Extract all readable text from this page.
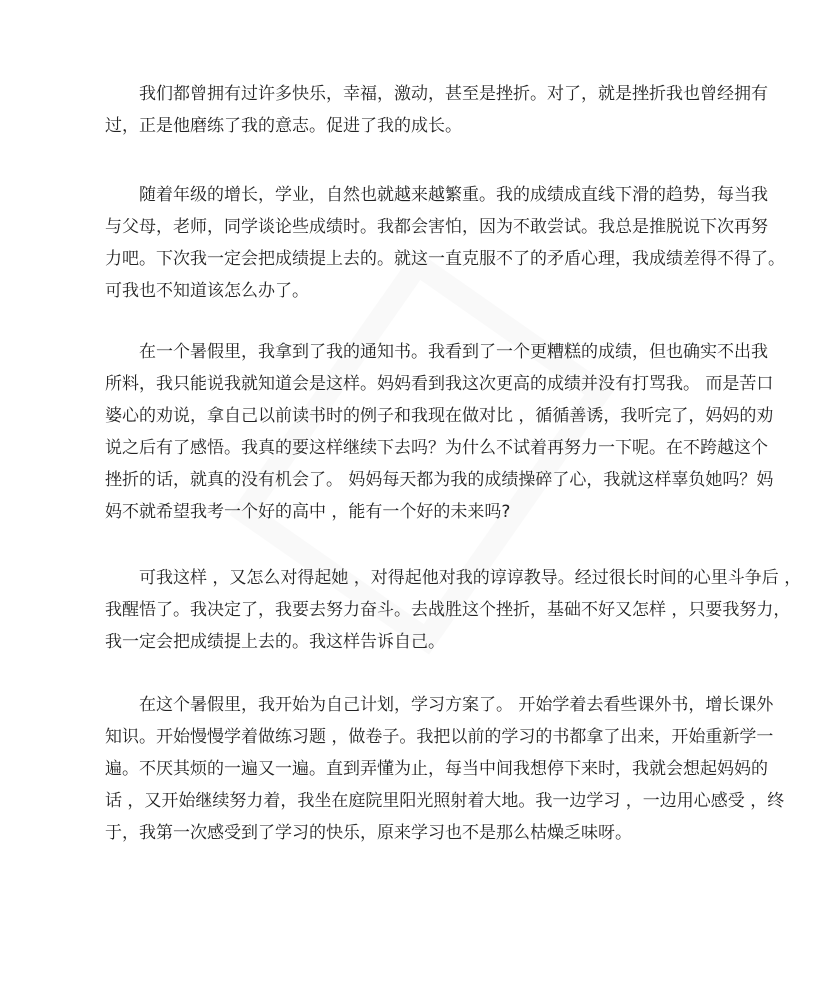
我们都曾拥有过许多快乐，幸福，激动，甚至是挫折。对了，就是挫折我也曾经拥有
过，正是他磨练了我的意志。促进了我的成长。
随着年级的增长，学业，自然也就越来越繁重。我的成绩成直线下滑的趋势，每当我
与父母，老师，同学谈论些成绩时。我都会害怕，因为不敢尝试。我总是推脱说下次再努
力吧。下次我一定会把成绩提上去的。就这一直克服不了的矛盾心理，我成绩差得不得了。
可我也不知道该怎么办了。
在一个暑假里，我拿到了我的通知书。我看到了一个更糟糕的成绩，但也确实不出我
所料，我只能说我就知道会是这样。妈妈看到我这次更高的成绩并没有打骂我。 而是苦口
婆心的劝说，拿自己以前读书时的例子和我现在做对比 ，循循善诱，我听完了，妈妈的劝
说之后有了感悟。我真的要这样继续下去吗？为什么不试着再努力一下呢。在不跨越这个
挫折的话，就真的没有机会了。 妈妈每天都为我的成绩操碎了心，我就这样辜负她吗？妈
妈不就希望我考一个好的高中 ，能有一个好的未来吗?
可我这样 ，又怎么对得起她 ，对得起他对我的谆谆教导。经过很长时间的心里斗争后 ，
我醒悟了。我决定了，我要去努力奋斗。去战胜这个挫折，基础不好又怎样 ，只要我努力，
我一定会把成绩提上去的。我这样告诉自己。
在这个暑假里，我开始为自己计划，学习方案了。 开始学着去看些课外书，增长课外
知识。开始慢慢学着做练习题 ，做卷子。我把以前的学习的书都拿了出来，开始重新学一
遍。不厌其烦的一遍又一遍。直到弄懂为止，每当中间我想停下来时，我就会想起妈妈的
话 ，又开始继续努力着，我坐在庭院里阳光照射着大地。我一边学习 ，一边用心感受 ，终
于，我第一次感受到了学习的快乐，原来学习也不是那么枯燥乏味呀。
